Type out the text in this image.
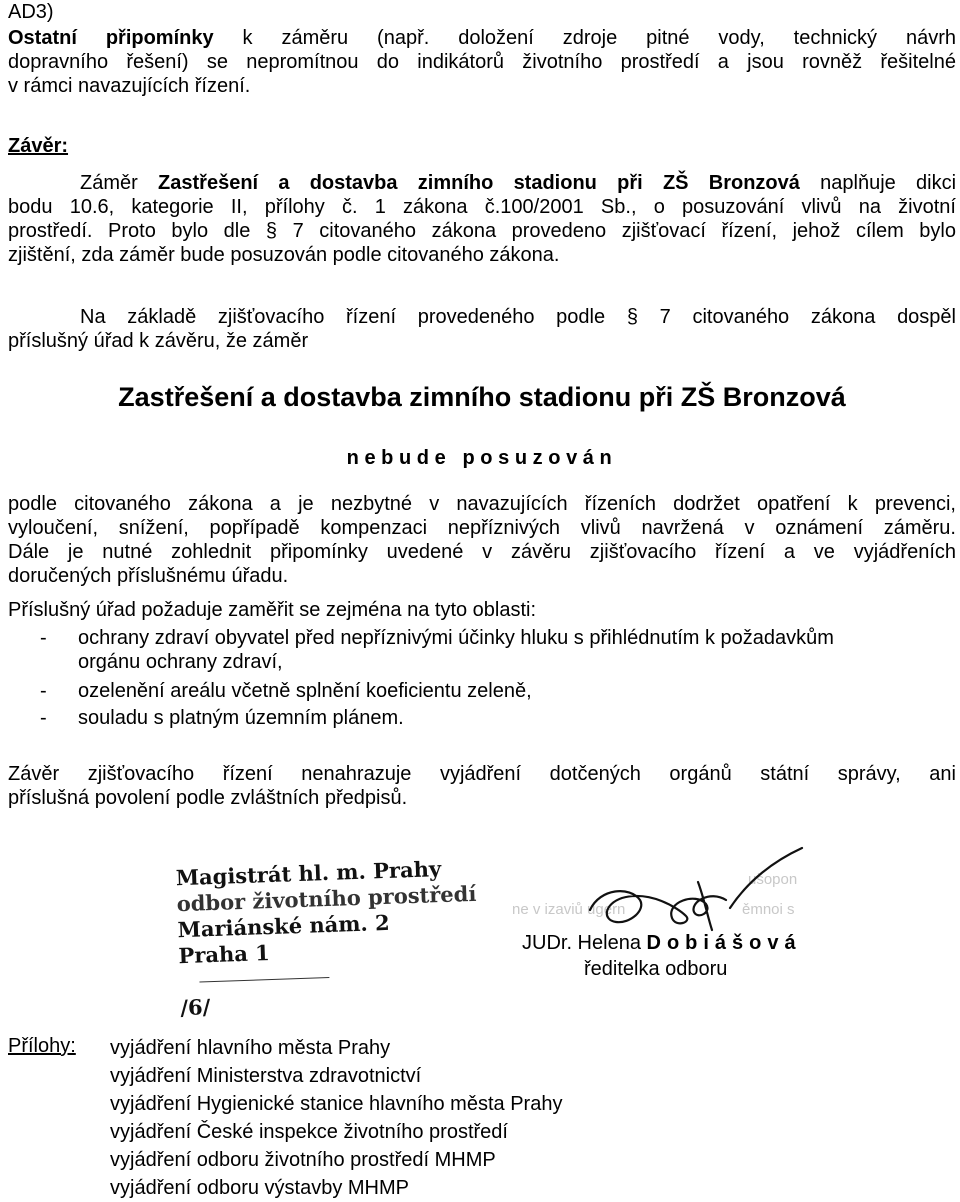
AD3)
Ostatní připomínky k záměru (např. doložení zdroje pitné vody, technický návrh
dopravního řešení) se nepromítnou do indikátorů životního prostředí a jsou rovněž řešitelné
v rámci navazujících řízení.
Závěr:
Záměr Zastřešení a dostavba zimního stadionu při ZŠ Bronzová naplňuje dikci
bodu 10.6, kategorie II, přílohy č. 1 zákona č.100/2001 Sb., o posuzování vlivů na životní
prostředí. Proto bylo dle § 7 citovaného zákona provedeno zjišťovací řízení, jehož cílem bylo
zjištění, zda záměr bude posuzován podle citovaného zákona.
Na základě zjišťovacího řízení provedeného podle § 7 citovaného zákona dospěl
příslušný úřad k závěru, že záměr
Zastřešení a dostavba zimního stadionu při ZŠ Bronzová
nebude posuzován
podle citovaného zákona a je nezbytné v navazujících řízeních dodržet opatření k prevenci,
vyloučení, snížení, popřípadě kompenzaci nepříznivých vlivů navržená v oznámení záměru.
Dále je nutné zohlednit připomínky uvedené v závěru zjišťovacího řízení a ve vyjádřeních
doručených příslušnému úřadu.
Příslušný úřad požaduje zaměřit se zejména na tyto oblasti:
- ochrany zdraví obyvatel před nepříznivými účinky hluku s přihlédnutím k požadavkům
orgánu ochrany zdraví,
- ozelenění areálu včetně splnění koeficientu zeleně,
- souladu s platným územním plánem.
Závěr zjišťovacího řízení nenahrazuje vyjádření dotčených orgánů státní správy, ani
příslušná povolení podle zvláštních předpisů.
Magistrát hl. m. Prahy
odbor životního prostředí
Mariánské nám. 2
Praha 1
/6/
ne v izaviů ugern
ušopon
ěmnoi s
JUDr. Helena Dobiášová
ředitelka odboru
Přílohy: vyjádření hlavního města Prahy
vyjádření Ministerstva zdravotnictví
vyjádření Hygienické stanice hlavního města Prahy
vyjádření České inspekce životního prostředí
vyjádření odboru životního prostředí MHMP
vyjádření odboru výstavby MHMP
